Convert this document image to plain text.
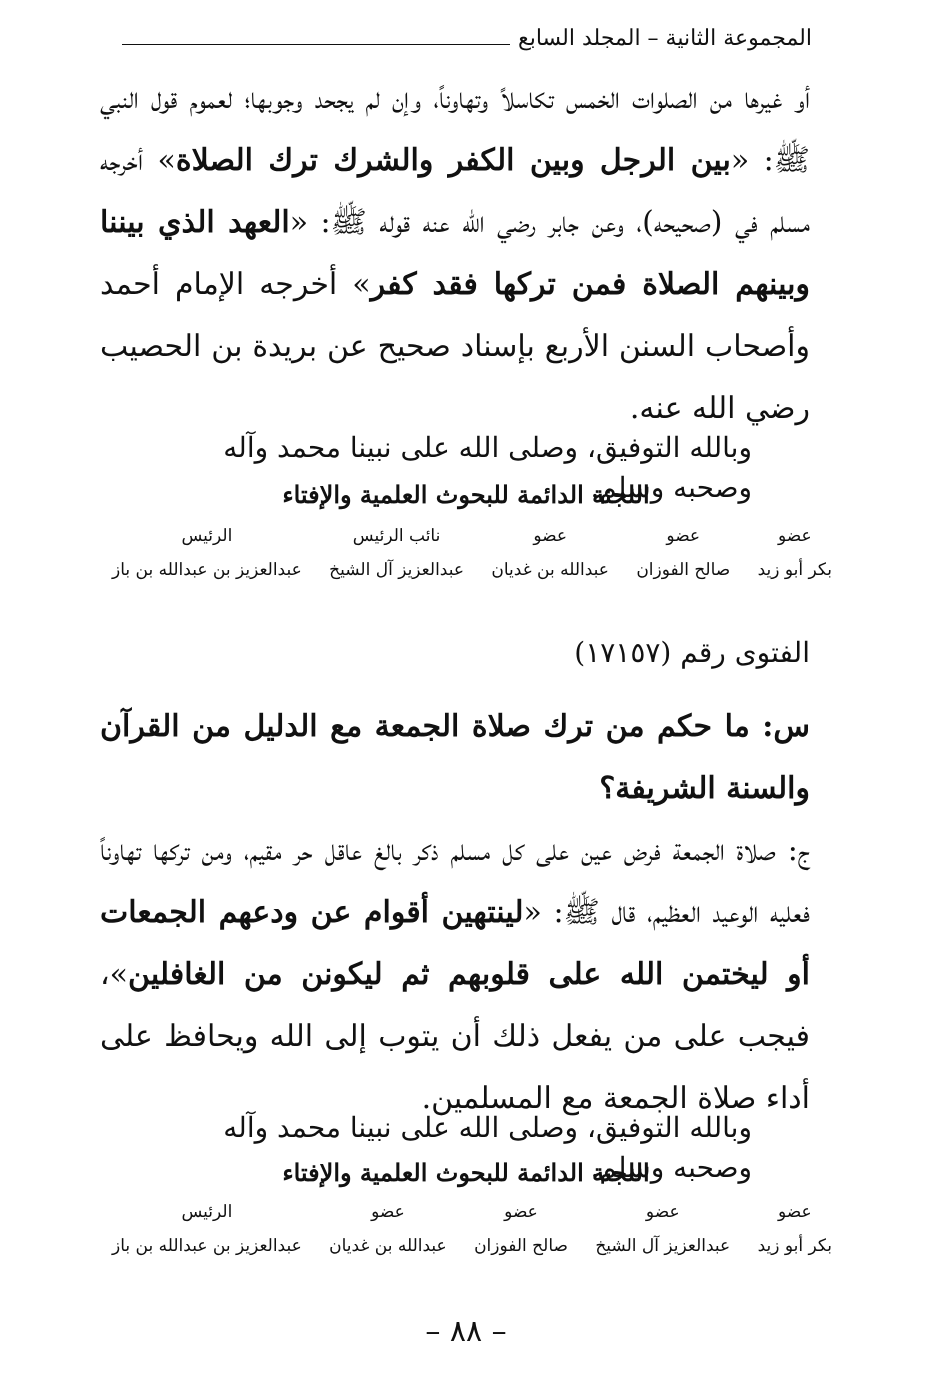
المجموعة الثانية – المجلد السابع
أو غيرها من الصلوات الخمس تكاسلاً وتهاوناً، وإن لم يجحد وجوبها؛ لعموم قول النبي ﷺ: «بين الرجل وبين الكفر والشرك ترك الصلاة» أخرجه مسلم في (صحيحه)، وعن جابر رضي الله عنه قوله ﷺ: «العهد الذي بيننا وبينهم الصلاة فمن تركها فقد كفر» أخرجه الإمام أحمد وأصحاب السنن الأربع بإسناد صحيح عن بريدة بن الحصيب رضي الله عنه.
وبالله التوفيق، وصلى الله على نبينا محمد وآله وصحبه وسلم.
اللجنة الدائمة للبحوث العلمية والإفتاء
عضو
بكر أبو زيد
عضو
صالح الفوزان
عضو
عبدالله بن غديان
نائب الرئيس
عبدالعزيز آل الشيخ
الرئيس
عبدالعزيز بن عبدالله بن باز
الفتوى رقم (١٧١٥٧)
س: ما حكم من ترك صلاة الجمعة مع الدليل من القرآن والسنة الشريفة؟
ج: صلاة الجمعة فرض عين على كل مسلم ذكر بالغ عاقل حر مقيم، ومن تركها تهاوناً فعليه الوعيد العظيم، قال ﷺ: «لينتهين أقوام عن ودعهم الجمعات أو ليختمن الله على قلوبهم ثم ليكونن من الغافلين»، فيجب على من يفعل ذلك أن يتوب إلى الله ويحافظ على أداء صلاة الجمعة مع المسلمين.
وبالله التوفيق، وصلى الله على نبينا محمد وآله وصحبه وسلم.
اللجنة الدائمة للبحوث العلمية والإفتاء
عضو
بكر أبو زيد
عضو
عبدالعزيز آل الشيخ
عضو
صالح الفوزان
عضو
عبدالله بن غديان
الرئيس
عبدالعزيز بن عبدالله بن باز
– ٨٨ –
